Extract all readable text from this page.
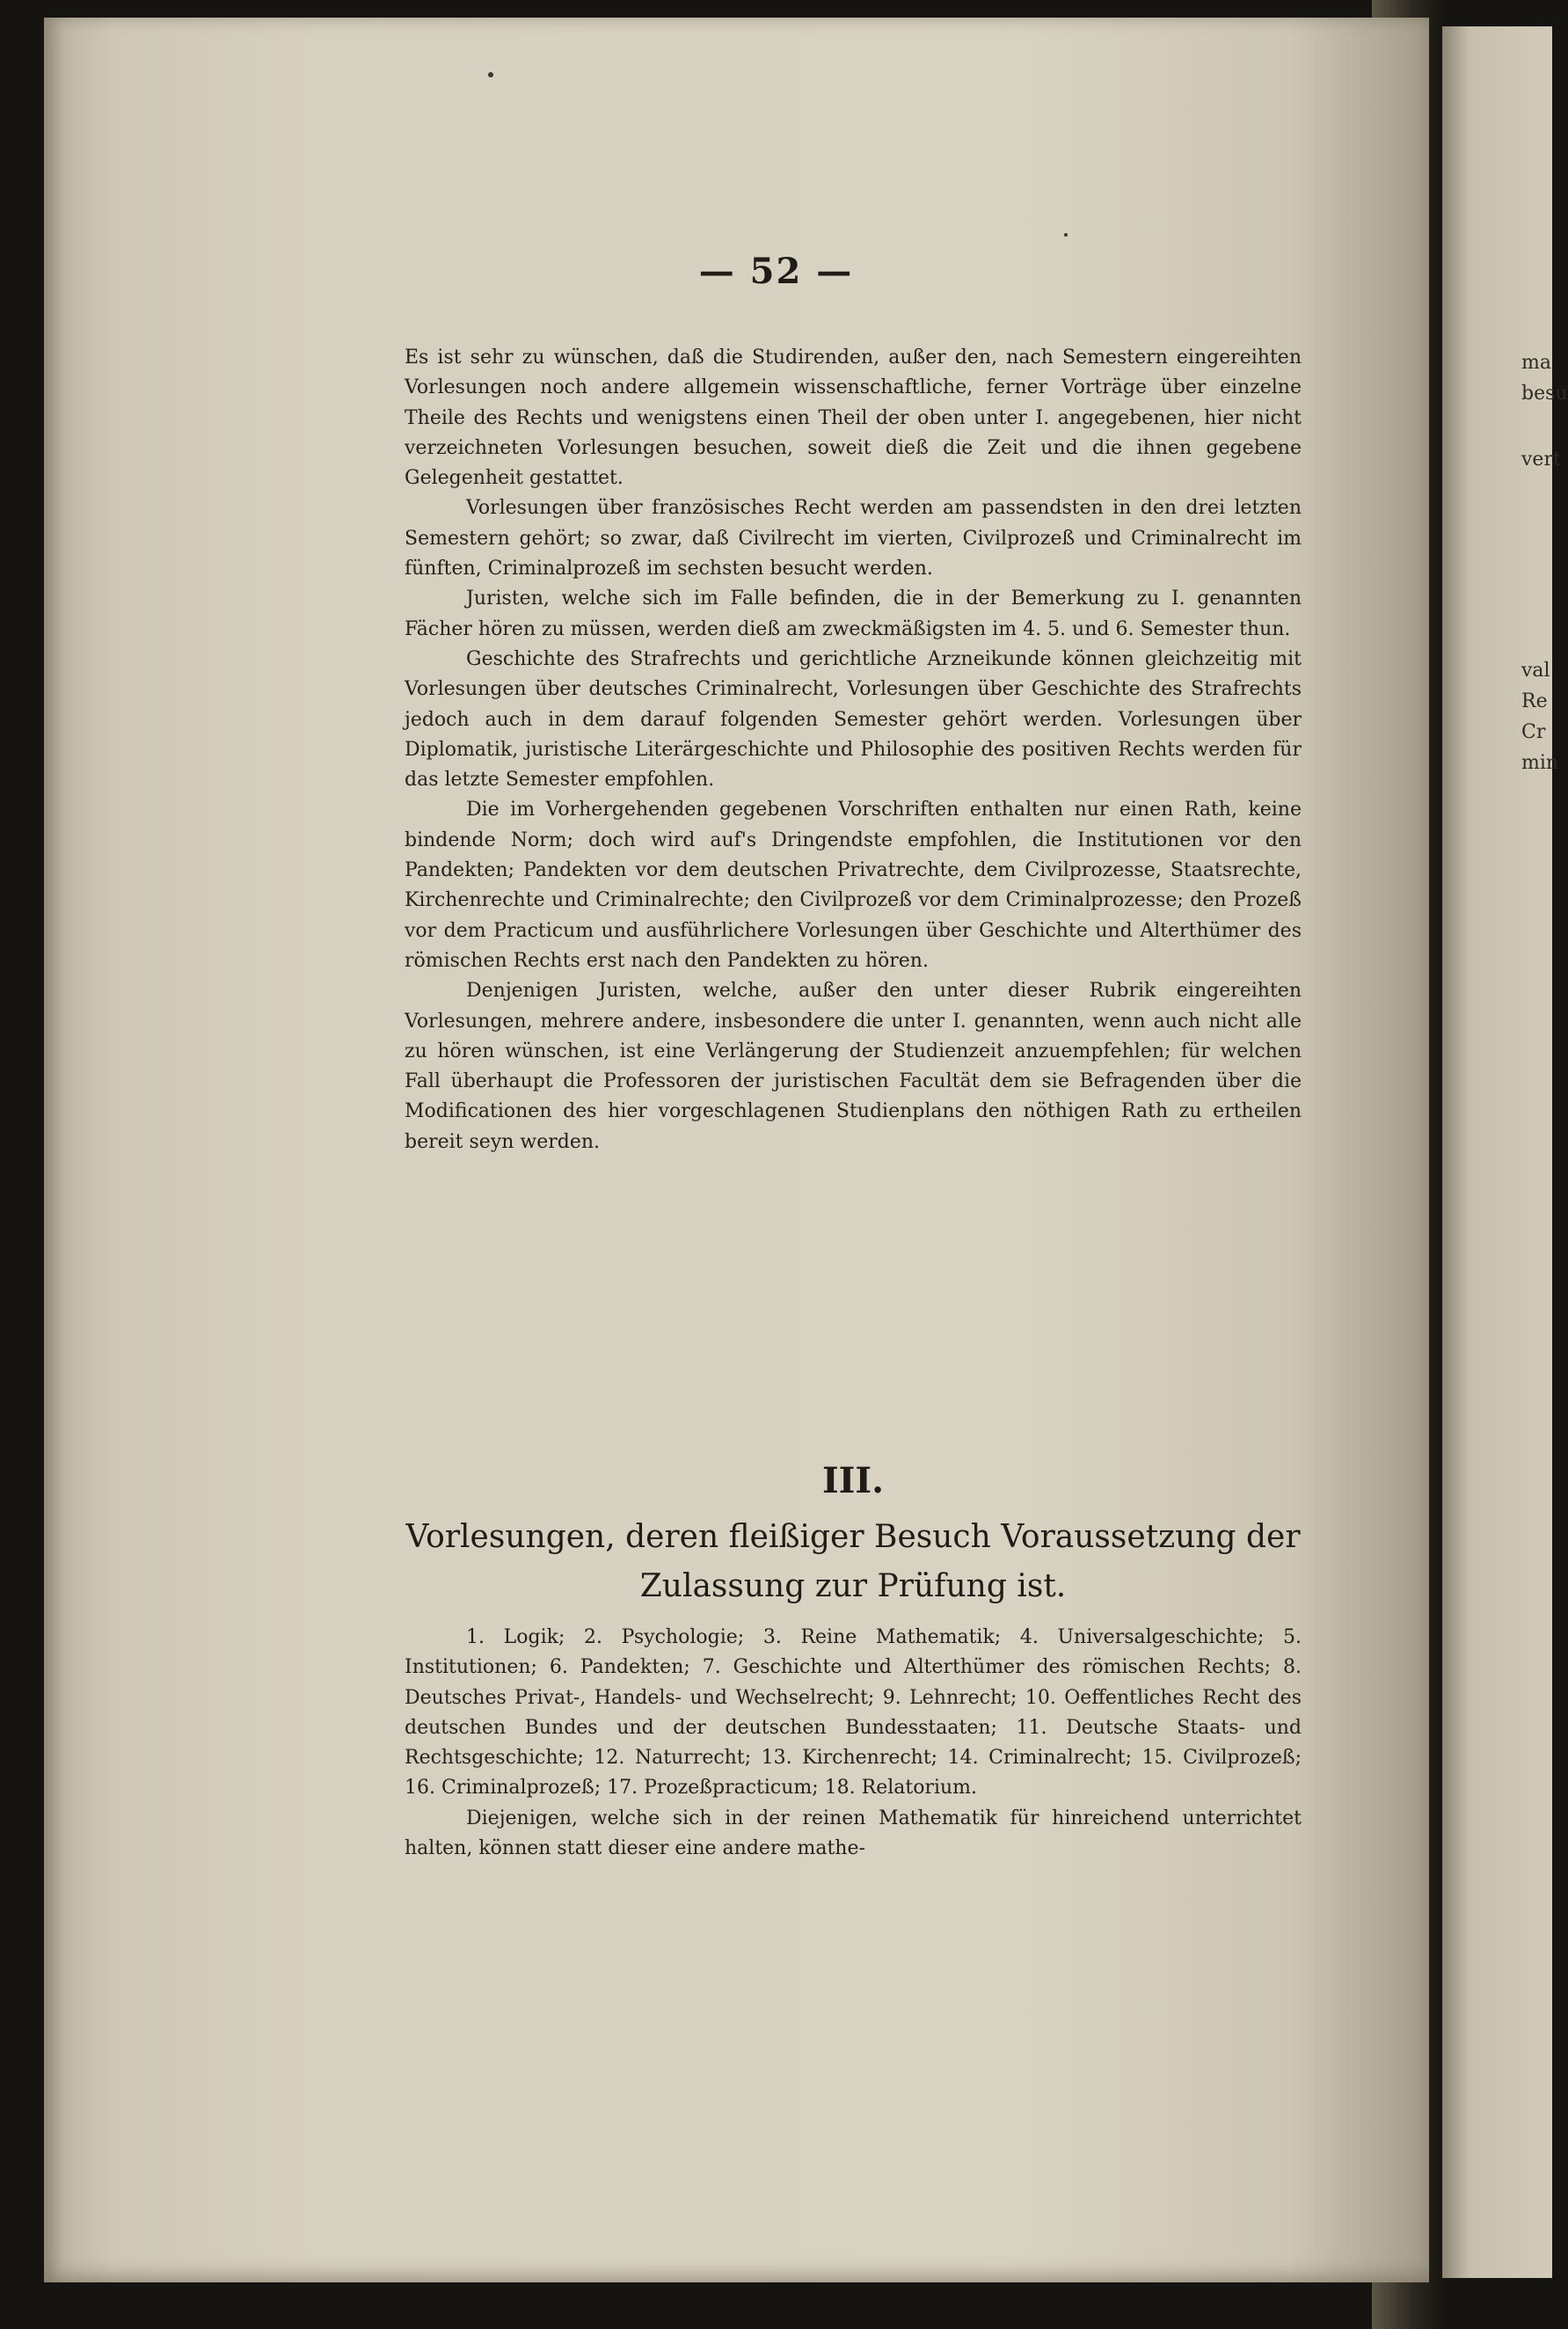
— 52 —

Es ist sehr zu wünschen, daß die Studirenden, außer den, nach Semestern eingereihten Vorlesungen noch andere allgemein wissenschaftliche, ferner Vorträge über einzelne Theile des Rechts und wenigstens einen Theil der oben unter I. angegebenen, hier nicht verzeichneten Vorlesungen besuchen, soweit dieß die Zeit und die ihnen gegebene Gelegenheit gestattet.

Vorlesungen über französisches Recht werden am passendsten in den drei letzten Semestern gehört; so zwar, daß Civilrecht im vierten, Civilprozeß und Criminalrecht im fünften, Criminalprozeß im sechsten besucht werden.

Juristen, welche sich im Falle befinden, die in der Bemerkung zu I. genannten Fächer hören zu müssen, werden dieß am zweckmäßigsten im 4. 5. und 6. Semester thun.

Geschichte des Strafrechts und gerichtliche Arzneikunde können gleichzeitig mit Vorlesungen über deutsches Criminalrecht, Vorlesungen über Geschichte des Strafrechts jedoch auch in dem darauf folgenden Semester gehört werden. Vorlesungen über Diplomatik, juristische Literärgeschichte und Philosophie des positiven Rechts werden für das letzte Semester empfohlen.

Die im Vorhergehenden gegebenen Vorschriften enthalten nur einen Rath, keine bindende Norm; doch wird auf's Dringendste empfohlen, die Institutionen vor den Pandekten; Pandekten vor dem deutschen Privatrechte, dem Civilprozesse, Staatsrechte, Kirchenrechte und Criminalrechte; den Civilprozeß vor dem Criminalprozesse; den Prozeß vor dem Practicum und ausführlichere Vorlesungen über Geschichte und Alterthümer des römischen Rechts erst nach den Pandekten zu hören.

Denjenigen Juristen, welche, außer den unter dieser Rubrik eingereihten Vorlesungen, mehrere andere, insbesondere die unter I. genannten, wenn auch nicht alle zu hören wünschen, ist eine Verlängerung der Studienzeit anzuempfehlen; für welchen Fall überhaupt die Professoren der juristischen Facultät dem sie Befragenden über die Modificationen des hier vorgeschlagenen Studienplans den nöthigen Rath zu ertheilen bereit seyn werden.

III.
Vorlesungen, deren fleißiger Besuch Voraussetzung der Zulassung zur Prüfung ist.

1. Logik; 2. Psychologie; 3. Reine Mathematik; 4. Universalgeschichte; 5. Institutionen; 6. Pandekten; 7. Geschichte und Alterthümer des römischen Rechts; 8. Deutsches Privat-, Handels- und Wechselrecht; 9. Lehnrecht; 10. Oeffentliches Recht des deutschen Bundes und der deutschen Bundesstaaten; 11. Deutsche Staats- und Rechtsgeschichte; 12. Naturrecht; 13. Kirchenrecht; 14. Criminalrecht; 15. Civilprozeß; 16. Criminalprozeß; 17. Prozeßpracticum; 18. Relatorium.

Diejenigen, welche sich in der reinen Mathematik für hinreichend unterrichtet halten, können statt dieser eine andere mathe-

ma
besu
vert
val
Re
Cr
min
